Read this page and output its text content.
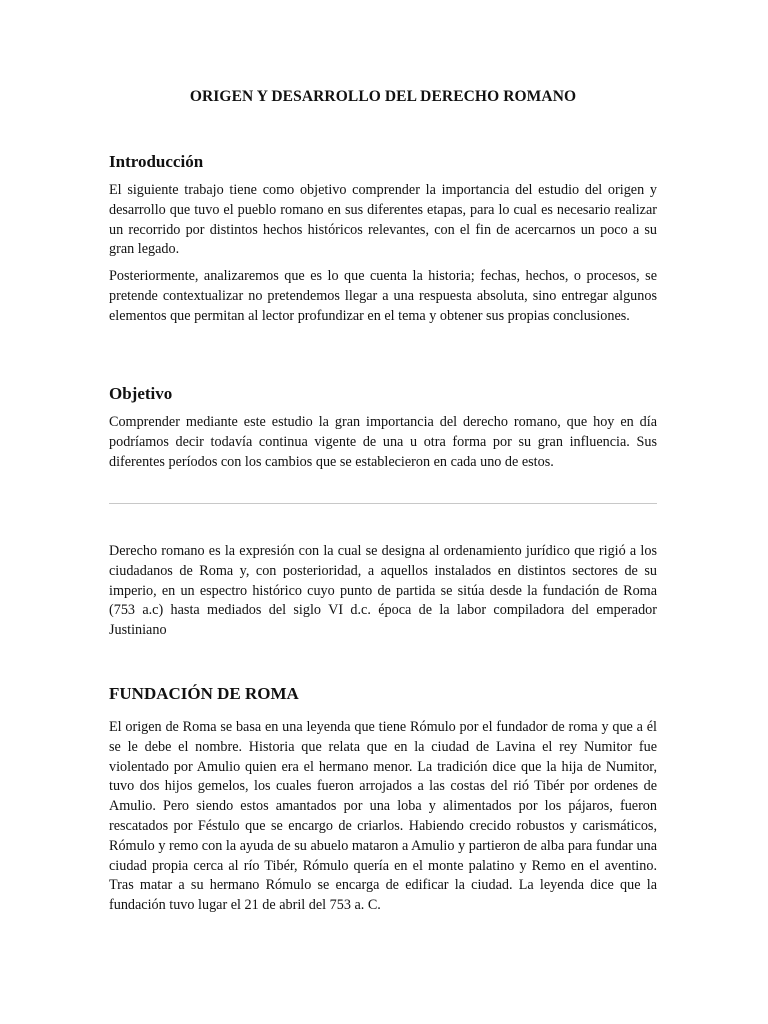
ORIGEN Y DESARROLLO DEL DERECHO ROMANO

Introducción

El siguiente trabajo tiene como objetivo comprender la importancia del estudio del origen y desarrollo que tuvo el pueblo romano en sus diferentes etapas, para lo cual es necesario realizar un recorrido por distintos hechos históricos relevantes, con el fin de acercarnos un poco a su gran legado.

Posteriormente, analizaremos que es lo que cuenta la historia; fechas, hechos, o procesos, se pretende contextualizar no pretendemos llegar a una respuesta absoluta, sino entregar algunos elementos que permitan al lector profundizar en el tema y obtener sus propias conclusiones.

Objetivo

Comprender mediante este estudio la gran importancia del derecho romano, que hoy en día podríamos decir todavía continua vigente de una u otra forma por su gran influencia. Sus diferentes períodos con los cambios que se establecieron en cada uno de estos.

Derecho romano es la expresión con la cual se designa al ordenamiento jurídico que rigió a los ciudadanos de Roma y, con posterioridad, a aquellos instalados en distintos sectores de su imperio, en un espectro histórico cuyo punto de partida se sitúa desde la fundación de Roma (753 a.c) hasta mediados del siglo VI d.c. época de la labor compiladora del emperador Justiniano

FUNDACIÓN DE ROMA

El origen de Roma se basa en una leyenda que tiene Rómulo por el fundador de roma y que a él se le debe el nombre. Historia que relata que en la ciudad de Lavina el rey Numitor fue violentado por Amulio quien era el hermano menor. La tradición dice que la hija de Numitor, tuvo dos hijos gemelos, los cuales fueron arrojados a las costas del rió Tibér por ordenes de Amulio. Pero siendo estos amantados por una loba y alimentados por los pájaros, fueron rescatados por Féstulo que se encargo de criarlos. Habiendo crecido robustos y carismáticos, Rómulo y remo con la ayuda de su abuelo mataron a Amulio y partieron de alba para fundar una ciudad propia cerca al río Tibér, Rómulo quería en el monte palatino y Remo en el aventino. Tras matar a su hermano Rómulo se encarga de edificar la ciudad. La leyenda dice que la fundación tuvo lugar el 21 de abril del 753 a. C.
